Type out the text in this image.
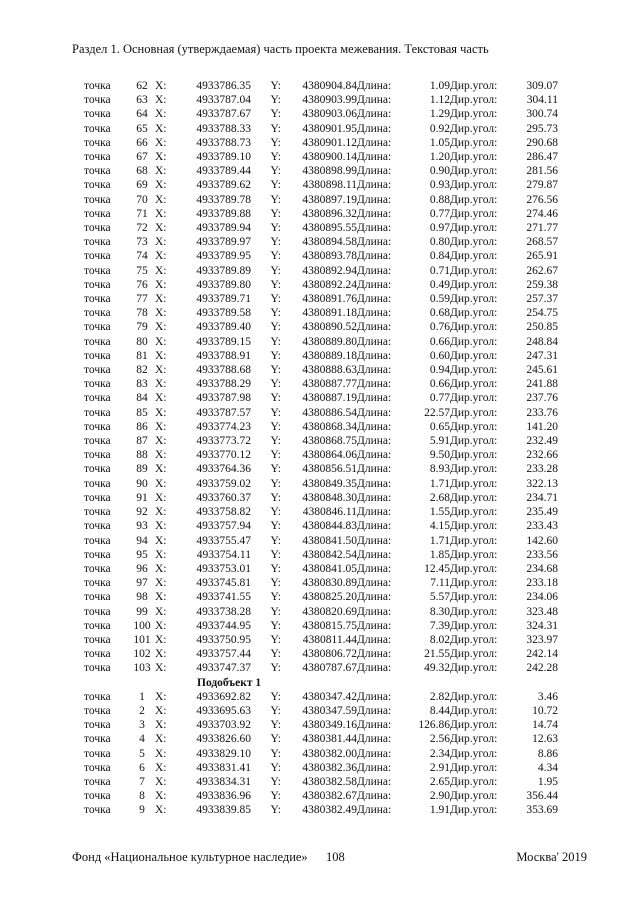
Раздел 1. Основная (утверждаемая) часть проекта межевания. Текстовая часть
точка	62	X:	4933786.35	Y:	4380904.84	Длина:	1.09	Дир.угол:	309.07
точка	63	X:	4933787.04	Y:	4380903.99	Длина:	1.12	Дир.угол:	304.11
точка	64	X:	4933787.67	Y:	4380903.06	Длина:	1.29	Дир.угол:	300.74
точка	65	X:	4933788.33	Y:	4380901.95	Длина:	0.92	Дир.угол:	295.73
точка	66	X:	4933788.73	Y:	4380901.12	Длина:	1.05	Дир.угол:	290.68
точка	67	X:	4933789.10	Y:	4380900.14	Длина:	1.20	Дир.угол:	286.47
точка	68	X:	4933789.44	Y:	4380898.99	Длина:	0.90	Дир.угол:	281.56
точка	69	X:	4933789.62	Y:	4380898.11	Длина:	0.93	Дир.угол:	279.87
точка	70	X:	4933789.78	Y:	4380897.19	Длина:	0.88	Дир.угол:	276.56
точка	71	X:	4933789.88	Y:	4380896.32	Длина:	0.77	Дир.угол:	274.46
точка	72	X:	4933789.94	Y:	4380895.55	Длина:	0.97	Дир.угол:	271.77
точка	73	X:	4933789.97	Y:	4380894.58	Длина:	0.80	Дир.угол:	268.57
точка	74	X:	4933789.95	Y:	4380893.78	Длина:	0.84	Дир.угол:	265.91
точка	75	X:	4933789.89	Y:	4380892.94	Длина:	0.71	Дир.угол:	262.67
точка	76	X:	4933789.80	Y:	4380892.24	Длина:	0.49	Дир.угол:	259.38
точка	77	X:	4933789.71	Y:	4380891.76	Длина:	0.59	Дир.угол:	257.37
точка	78	X:	4933789.58	Y:	4380891.18	Длина:	0.68	Дир.угол:	254.75
точка	79	X:	4933789.40	Y:	4380890.52	Длина:	0.76	Дир.угол:	250.85
точка	80	X:	4933789.15	Y:	4380889.80	Длина:	0.66	Дир.угол:	248.84
точка	81	X:	4933788.91	Y:	4380889.18	Длина:	0.60	Дир.угол:	247.31
точка	82	X:	4933788.68	Y:	4380888.63	Длина:	0.94	Дир.угол:	245.61
точка	83	X:	4933788.29	Y:	4380887.77	Длина:	0.66	Дир.угол:	241.88
точка	84	X:	4933787.98	Y:	4380887.19	Длина:	0.77	Дир.угол:	237.76
точка	85	X:	4933787.57	Y:	4380886.54	Длина:	22.57	Дир.угол:	233.76
точка	86	X:	4933774.23	Y:	4380868.34	Длина:	0.65	Дир.угол:	141.20
точка	87	X:	4933773.72	Y:	4380868.75	Длина:	5.91	Дир.угол:	232.49
точка	88	X:	4933770.12	Y:	4380864.06	Длина:	9.50	Дир.угол:	232.66
точка	89	X:	4933764.36	Y:	4380856.51	Длина:	8.93	Дир.угол:	233.28
точка	90	X:	4933759.02	Y:	4380849.35	Длина:	1.71	Дир.угол:	322.13
точка	91	X:	4933760.37	Y:	4380848.30	Длина:	2.68	Дир.угол:	234.71
точка	92	X:	4933758.82	Y:	4380846.11	Длина:	1.55	Дир.угол:	235.49
точка	93	X:	4933757.94	Y:	4380844.83	Длина:	4.15	Дир.угол:	233.43
точка	94	X:	4933755.47	Y:	4380841.50	Длина:	1.71	Дир.угол:	142.60
точка	95	X:	4933754.11	Y:	4380842.54	Длина:	1.85	Дир.угол:	233.56
точка	96	X:	4933753.01	Y:	4380841.05	Длина:	12.45	Дир.угол:	234.68
точка	97	X:	4933745.81	Y:	4380830.89	Длина:	7.11	Дир.угол:	233.18
точка	98	X:	4933741.55	Y:	4380825.20	Длина:	5.57	Дир.угол:	234.06
точка	99	X:	4933738.28	Y:	4380820.69	Длина:	8.30	Дир.угол:	323.48
точка	100	X:	4933744.95	Y:	4380815.75	Длина:	7.39	Дир.угол:	324.31
точка	101	X:	4933750.95	Y:	4380811.44	Длина:	8.02	Дир.угол:	323.97
точка	102	X:	4933757.44	Y:	4380806.72	Длина:	21.55	Дир.угол:	242.14
точка	103	X:	4933747.37	Y:	4380787.67	Длина:	49.32	Дир.угол:	242.28
			Подобъект 1						
точка	1	X:	4933692.82	Y:	4380347.42	Длина:	2.82	Дир.угол:	3.46
точка	2	X:	4933695.63	Y:	4380347.59	Длина:	8.44	Дир.угол:	10.72
точка	3	X:	4933703.92	Y:	4380349.16	Длина:	126.86	Дир.угол:	14.74
точка	4	X:	4933826.60	Y:	4380381.44	Длина:	2.56	Дир.угол:	12.63
точка	5	X:	4933829.10	Y:	4380382.00	Длина:	2.34	Дир.угол:	8.86
точка	6	X:	4933831.41	Y:	4380382.36	Длина:	2.91	Дир.угол:	4.34
точка	7	X:	4933834.31	Y:	4380382.58	Длина:	2.65	Дир.угол:	1.95
точка	8	X:	4933836.96	Y:	4380382.67	Длина:	2.90	Дир.угол:	356.44
точка	9	X:	4933839.85	Y:	4380382.49	Длина:	1.91	Дир.угол:	353.69
Фонд «Национальное культурное наследие» 108	Москва' 2019
